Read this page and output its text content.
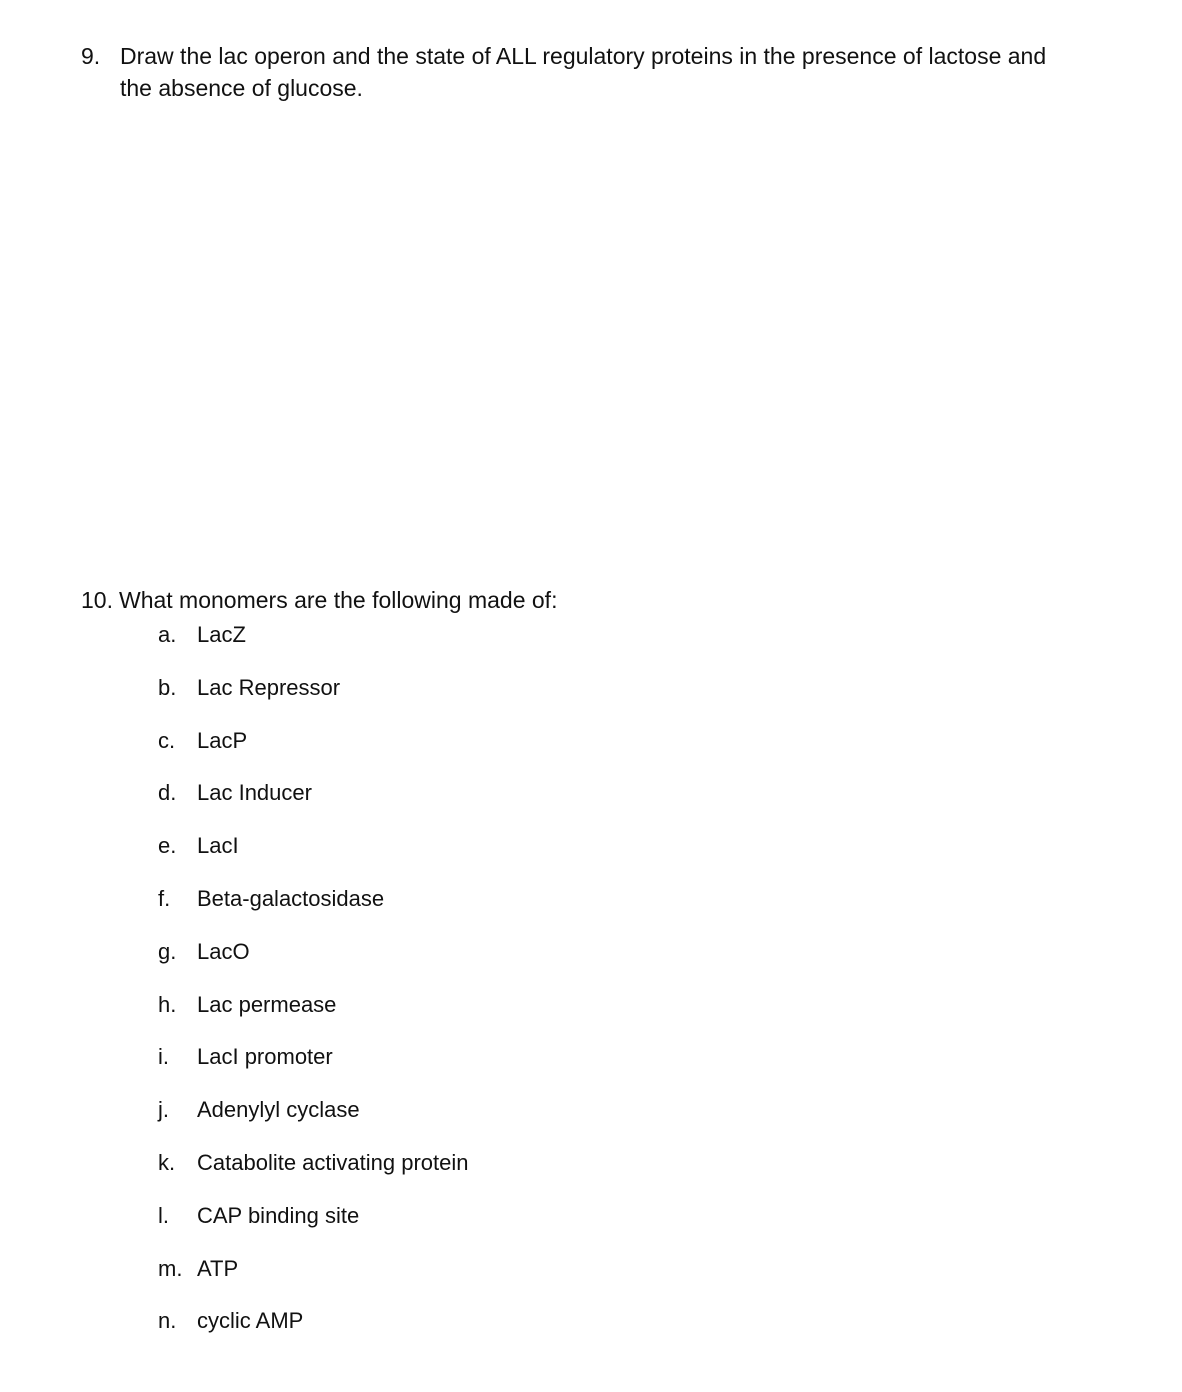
9. Draw the lac operon and the state of ALL regulatory proteins in the presence of lactose and the absence of glucose.
10. What monomers are the following made of:
a. LacZ
b. Lac Repressor
c. LacP
d. Lac Inducer
e. LacI
f. Beta-galactosidase
g. LacO
h. Lac permease
i. LacI promoter
j. Adenylyl cyclase
k. Catabolite activating protein
l. CAP binding site
m. ATP
n. cyclic AMP
